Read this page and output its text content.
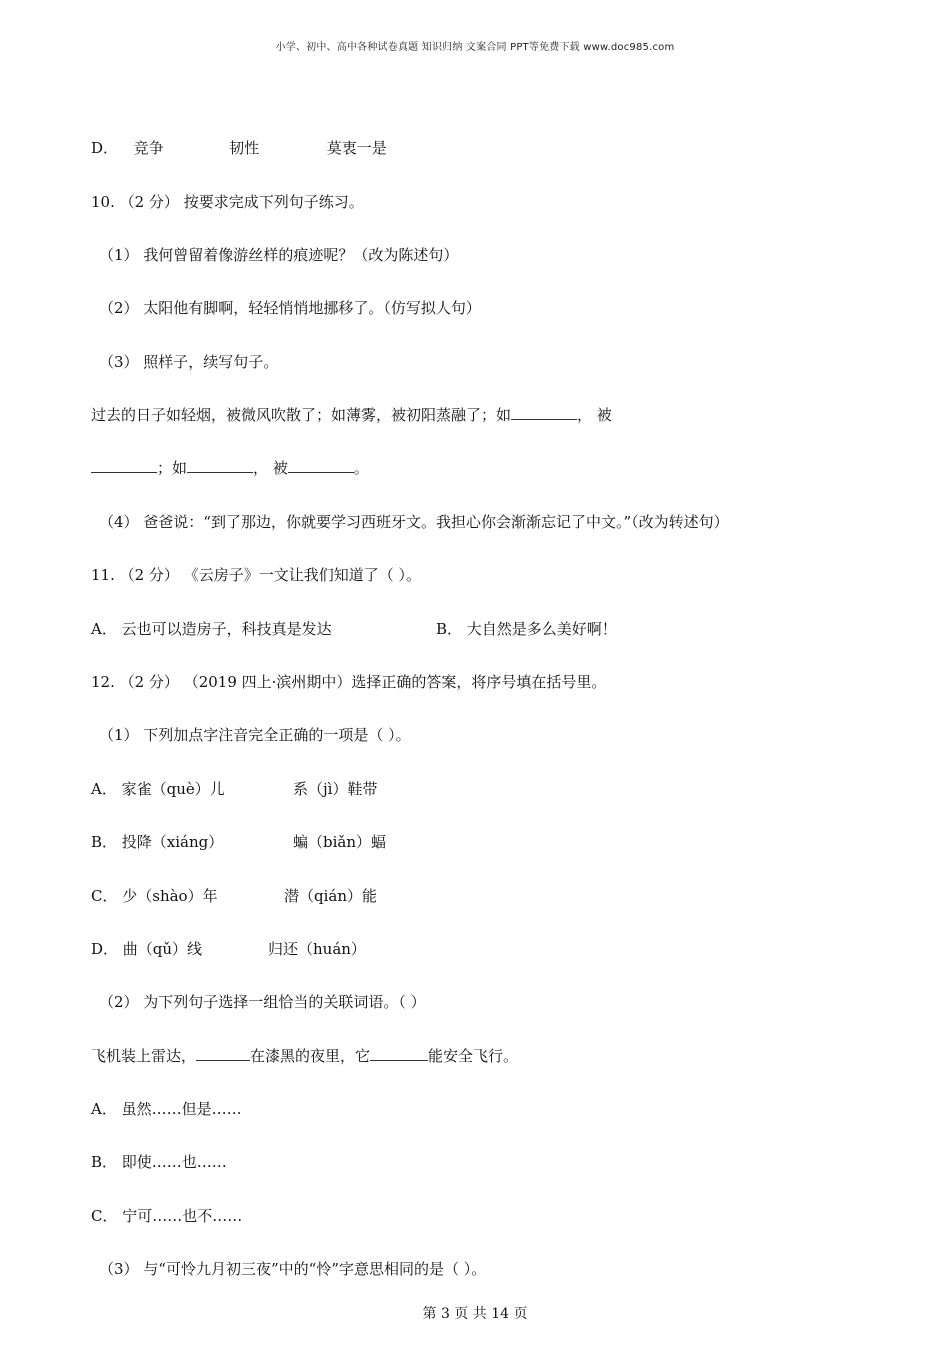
小学、初中、高中各种试卷真题 知识归纳 文案合同 PPT等免费下载 www.doc985.com
D． 竞争	韧性	莫衷一是
10. （2 分） 按要求完成下列句子练习。
（1） 我何曾留着像游丝样的痕迹呢？（改为陈述句）
（2） 太阳他有脚啊，轻轻悄悄地挪移了。（仿写拟人句）
（3） 照样子，续写句子。
过去的日子如轻烟，被微风吹散了；如薄雾，被初阳蒸融了；如	， 被
；如	， 被	。
（4） 爸爸说：“到了那边，你就要学习西班牙文。我担心你会渐渐忘记了中文。”（改为转述句）
11. （2 分） 《云房子》一文让我们知道了（ ）。
A． 云也可以造房子，科技真是发达	B． 大自然是多么美好啊！
12. （2 分） （2019 四上·滨州期中）选择正确的答案，将序号填在括号里。
（1） 下列加点字注音完全正确的一项是（ ）。
A． 家雀（què）儿	系（jì）鞋带
B． 投降（xiáng）	蝙（biǎn）蝠
C． 少（shào）年	潜（qián）能
D． 曲（qǔ）线	归还（huán）
（2） 为下列句子选择一组恰当的关联词语。（ ）
飞机装上雷达，	在漆黑的夜里，它	能安全飞行。
A． 虽然……但是……
B． 即使……也……
C． 宁可……也不……
（3） 与“可怜九月初三夜”中的“怜”字意思相同的是（ ）。
第 3 页 共 14 页
